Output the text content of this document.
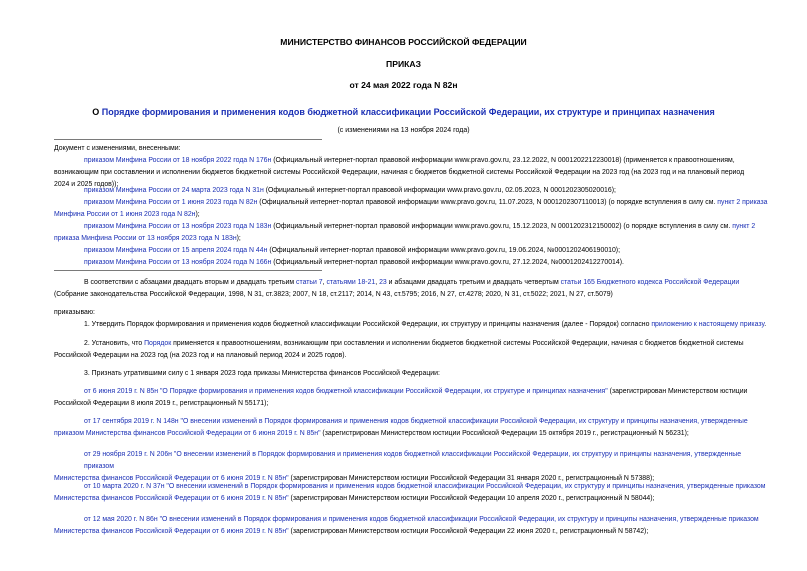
МИНИСТЕРСТВО ФИНАНСОВ РОССИЙСКОЙ ФЕДЕРАЦИИ
ПРИКАЗ
от 24 мая 2022 года N 82н
О Порядке формирования и применения кодов бюджетной классификации Российской Федерации, их структуре и принципах назначения
(с изменениями на 13 ноября 2024 года)
Документ с изменениями, внесенными:
приказом Минфина России от 18 ноября 2022 года N 176н (Официальный интернет-портал правовой информации www.pravo.gov.ru, 23.12.2022, N 0001202212230018) (применяется к правоотношениям,
возникающим при составлении и исполнении бюджетов бюджетной системы Российской Федерации, начиная с бюджетов бюджетной системы Российской Федерации на 2023 год (на 2023 год и на плановый период
2024 и 2025 годов));
приказом Минфина России от 24 марта 2023 года N 31н (Официальный интернет-портал правовой информации www.pravo.gov.ru, 02.05.2023, N 0001202305020016);
приказом Минфина России от 1 июня 2023 года N 82н (Официальный интернет-портал правовой информации www.pravo.gov.ru, 11.07.2023, N 0001202307110013) (о порядке вступления в силу см. пункт 2 приказа
Минфина России от 1 июня 2023 года N 82н);
приказом Минфина России от 13 ноября 2023 года N 183н (Официальный интернет-портал правовой информации www.pravo.gov.ru, 15.12.2023, N 0001202312150002) (о порядке вступления в силу см. пункт 2
приказа Минфина России от 13 ноября 2023 года N 183н);
приказом Минфина России от 15 апреля 2024 года N 44н (Официальный интернет-портал правовой информации www.pravo.gov.ru, 19.06.2024, №0001202406190010);
приказом Минфина России от 13 ноября 2024 года N 166н (Официальный интернет-портал правовой информации www.pravo.gov.ru, 27.12.2024, №0001202412270014).
В соответствии с абзацами двадцать вторым и двадцать третьим статьи 7, статьями 18-21, 23 и абзацами двадцать третьим и двадцать четвертым статьи 165 Бюджетного кодекса Российской Федерации
(Собрание законодательства Российской Федерации, 1998, N 31, ст.3823; 2007, N 18, ст.2117; 2014, N 43, ст.5795; 2016, N 27, ст.4278; 2020, N 31, ст.5022; 2021, N 27, ст.5079)
приказываю:
1. Утвердить Порядок формирования и применения кодов бюджетной классификации Российской Федерации, их структуру и принципы назначения (далее - Порядок) согласно приложению к настоящему приказу.
2. Установить, что Порядок применяется к правоотношениям, возникающим при составлении и исполнении бюджетов бюджетной системы Российской Федерации, начиная с бюджетов бюджетной системы
Российской Федерации на 2023 год (на 2023 год и на плановый период 2024 и 2025 годов).
3. Признать утратившими силу с 1 января 2023 года приказы Министерства финансов Российской Федерации:
от 6 июня 2019 г. N 85н "О Порядке формирования и применения кодов бюджетной классификации Российской Федерации, их структуре и принципах назначения" (зарегистрирован Министерством юстиции
Российской Федерации 8 июля 2019 г., регистрационный N 55171);
от 17 сентября 2019 г. N 148н "О внесении изменений в Порядок формирования и применения кодов бюджетной классификации Российской Федерации, их структуру и принципы назначения, утвержденные
приказом Министерства финансов Российской Федерации от 6 июня 2019 г. N 85н" (зарегистрирован Министерством юстиции Российской Федерации 15 октября 2019 г., регистрационный N 56231);
от 29 ноября 2019 г. N 206н "О внесении изменений в Порядок формирования и применения кодов бюджетной классификации Российской Федерации, их структуру и принципы назначения, утвержденные приказом
Министерства финансов Российской Федерации от 6 июня 2019 г. N 85н" (зарегистрирован Министерством юстиции Российской Федерации 31 января 2020 г., регистрационный N 57388);
от 10 марта 2020 г. N 37н "О внесении изменений в Порядок формирования и применения кодов бюджетной классификации Российской Федерации, их структуру и принципы назначения, утвержденные приказом
Министерства финансов Российской Федерации от 6 июня 2019 г. N 85н" (зарегистрирован Министерством юстиции Российской Федерации 10 апреля 2020 г., регистрационный N 58044);
от 12 мая 2020 г. N 86н "О внесении изменений в Порядок формирования и применения кодов бюджетной классификации Российской Федерации, их структуру и принципы назначения, утвержденные приказом
Министерства финансов Российской Федерации от 6 июня 2019 г. N 85н" (зарегистрирован Министерством юстиции Российской Федерации 22 июня 2020 г., регистрационный N 58742);
